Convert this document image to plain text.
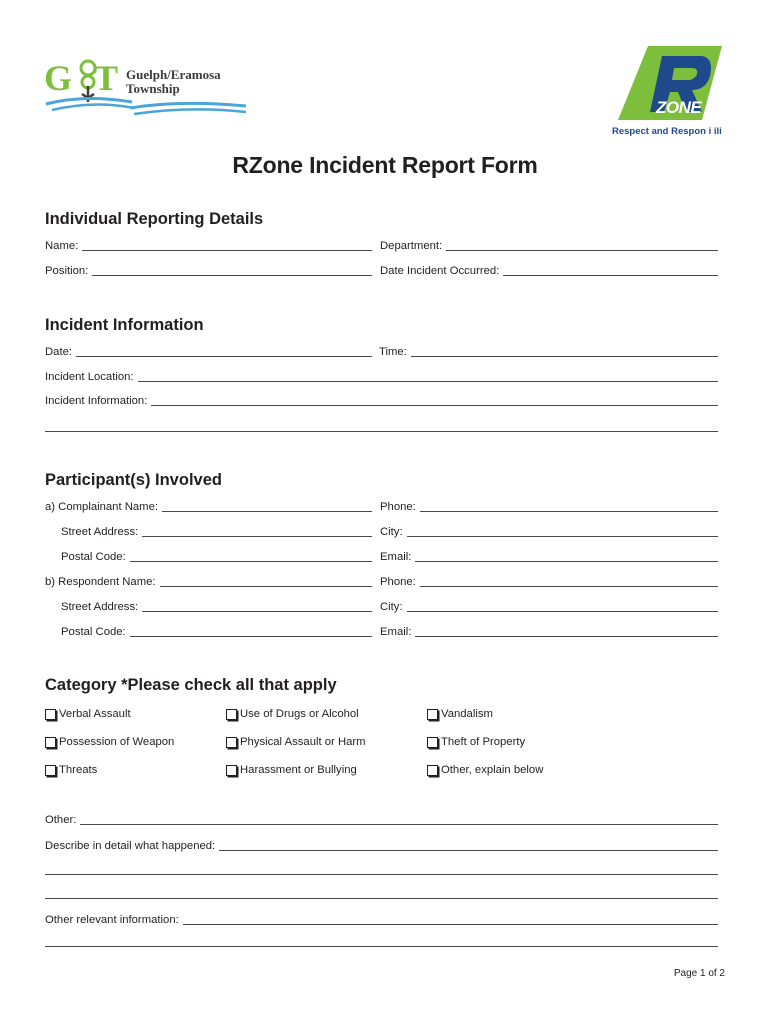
G T Guelph/Eramosa
Township
ZONE
Respect and Respon i ili
RZone Incident Report Form
Individual Reporting Details
Name:	Department:
Position:	Date Incident Occurred:
Incident Information
Date:	Time:
Incident Location:
Incident Information:
Participant(s) Involved
a) Complainant Name:	Phone:
Street Address:	City:
Postal Code:	Email:
b) Respondent Name:	Phone:
Street Address:	City:
Postal Code:	Email:
Category *Please check all that apply
Verbal Assault	Use of Drugs or Alcohol	Vandalism
Possession of Weapon	Physical Assault or Harm	Theft of Property
Threats	Harassment or Bullying	Other, explain below
Other:
Describe in detail what happened:
Other relevant information:
Page 1 of 2
